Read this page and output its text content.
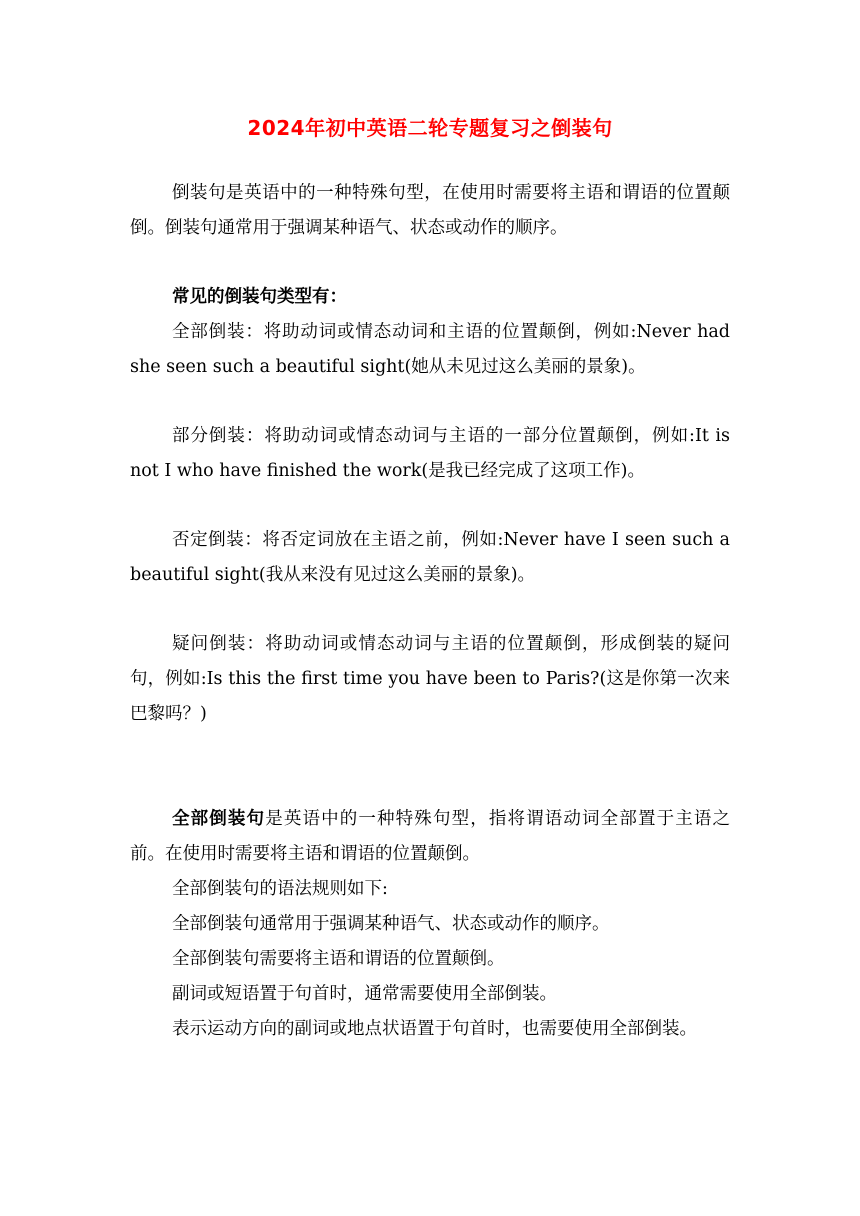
2024年初中英语二轮专题复习之倒装句

倒装句是英语中的一种特殊句型，在使用时需要将主语和谓语的位置颠倒。倒装句通常用于强调某种语气、状态或动作的顺序。

常见的倒装句类型有：

全部倒装：将助动词或情态动词和主语的位置颠倒，例如:Never had she seen such a beautiful sight(她从未见过这么美丽的景象)。

部分倒装：将助动词或情态动词与主语的一部分位置颠倒，例如:It is not I who have finished the work(是我已经完成了这项工作)。

否定倒装：将否定词放在主语之前，例如:Never have I seen such a beautiful sight(我从来没有见过这么美丽的景象)。

疑问倒装：将助动词或情态动词与主语的位置颠倒，形成倒装的疑问句，例如:Is this the first time you have been to Paris?(这是你第一次来巴黎吗？)

全部倒装句是英语中的一种特殊句型，指将谓语动词全部置于主语之前。在使用时需要将主语和谓语的位置颠倒。

全部倒装句的语法规则如下:

全部倒装句通常用于强调某种语气、状态或动作的顺序。

全部倒装句需要将主语和谓语的位置颠倒。

副词或短语置于句首时，通常需要使用全部倒装。

表示运动方向的副词或地点状语置于句首时，也需要使用全部倒装。
